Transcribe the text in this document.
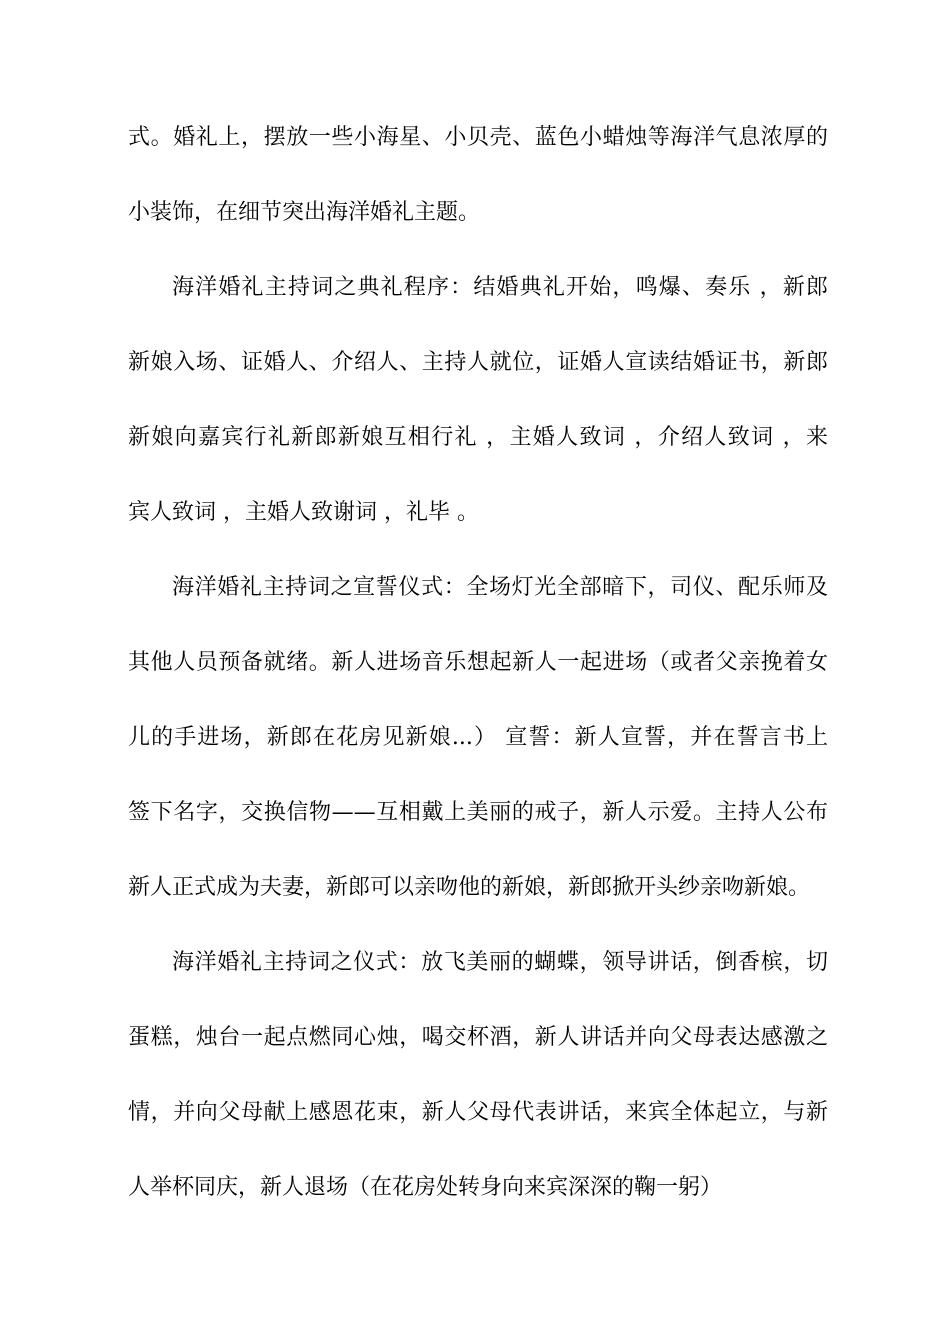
式。婚礼上，摆放一些小海星、小贝壳、蓝色小蜡烛等海洋气息浓厚的
小装饰，在细节突出海洋婚礼主题。
海洋婚礼主持词之典礼程序：结婚典礼开始，鸣爆、奏乐 ，新郎
新娘入场、证婚人、介绍人、主持人就位，证婚人宣读结婚证书，新郎
新娘向嘉宾行礼新郎新娘互相行礼 ，主婚人致词 ，介绍人致词 ，来
宾人致词 ，主婚人致谢词 ，礼毕 。
海洋婚礼主持词之宣誓仪式：全场灯光全部暗下，司仪、配乐师及
其他人员预备就绪。新人进场音乐想起新人一起进场（或者父亲挽着女
儿的手进场，新郎在花房见新娘...） 宣誓：新人宣誓，并在誓言书上
签下名字，交换信物——互相戴上美丽的戒子，新人示爱。主持人公布
新人正式成为夫妻，新郎可以亲吻他的新娘，新郎掀开头纱亲吻新娘。
海洋婚礼主持词之仪式：放飞美丽的蝴蝶，领导讲话，倒香槟，切
蛋糕，烛台一起点燃同心烛，喝交杯酒，新人讲话并向父母表达感激之
情，并向父母献上感恩花束，新人父母代表讲话，来宾全体起立，与新
人举杯同庆，新人退场（在花房处转身向来宾深深的鞠一躬）
